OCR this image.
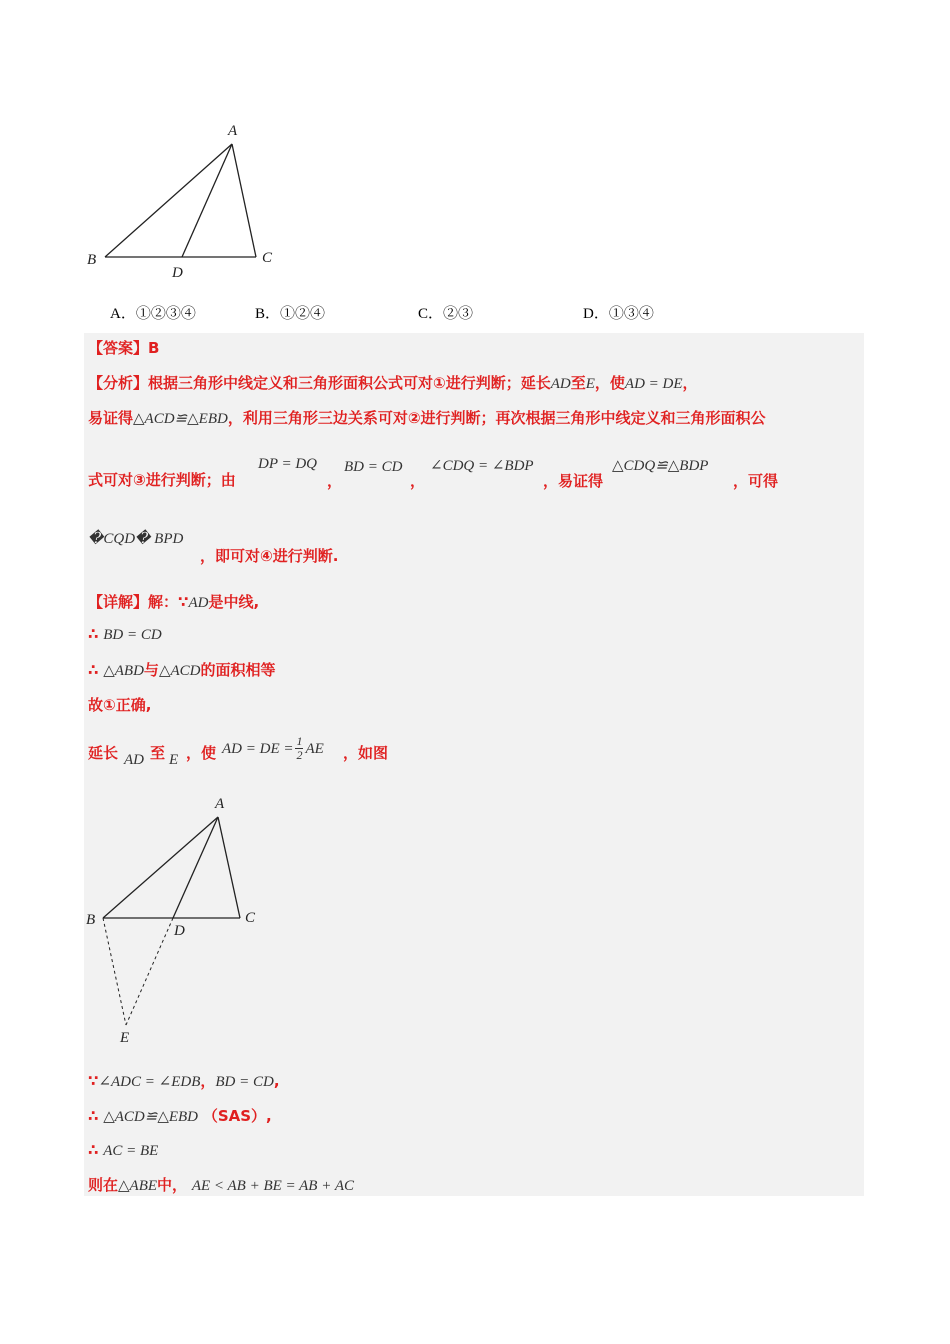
A
B	C
D
A．①②③④	B．①②④	C．②③	D．①③④
【答案】B
【分析】根据三角形中线定义和三角形面积公式可对①进行判断；延长AD至E，使AD = DE，
易证得△ACD≌△EBD，利用三角形三边关系可对②进行判断；再次根据三角形中线定义和三角形面积公
式可对③进行判断；由
DP = DQ
，
BD = CD
，
∠CDQ = ∠BDP
，易证得
△CDQ≌△BDP
，可得
�CQD� BPD
，即可对④进行判断.
【详解】解：∵AD是中线,
∴ BD = CD
∴ △ABD与△ACD的面积相等
故①正确,
延长 AD 至 E ，使 AD = DE = $\frac{1}{2}$ AE ，如图
A
B	C
D
E
∵∠ADC = ∠EDB，BD = CD,
∴ △ACD≌△EBD （SAS）,
∴ AC = BE
则在△ABE中， AE < AB + BE = AB + AC
